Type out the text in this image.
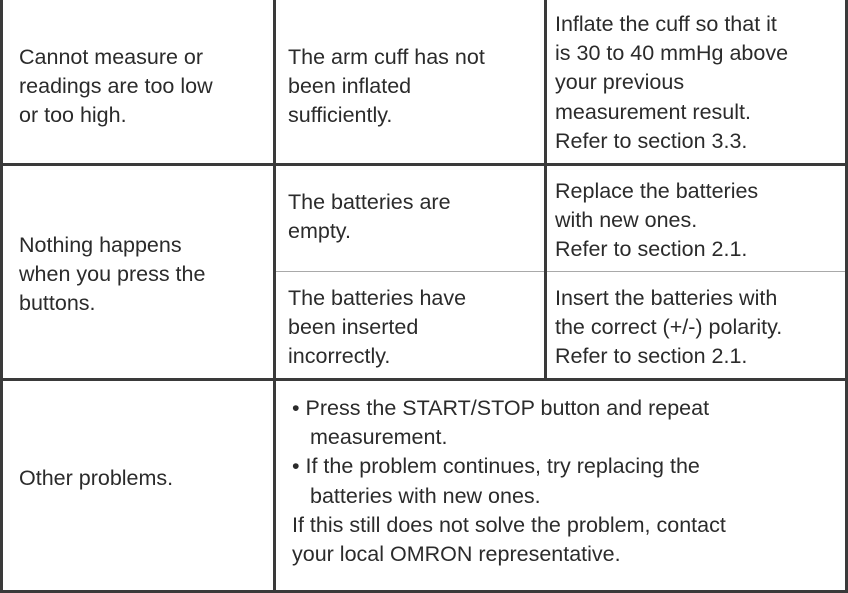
Cannot measure or
readings are too low
or too high.
The arm cuff has not
been inflated
sufficiently.
Inflate the cuff so that it
is 30 to 40 mmHg above
your previous
measurement result.
Refer to section 3.3.
Nothing happens
when you press the
buttons.
The batteries are
empty.
Replace the batteries
with new ones.
Refer to section 2.1.
The batteries have
been inserted
incorrectly.
Insert the batteries with
the correct (+/-) polarity.
Refer to section 2.1.
Other problems.
• Press the START/STOP button and repeat
measurement.
• If the problem continues, try replacing the
batteries with new ones.
If this still does not solve the problem, contact
your local OMRON representative.
